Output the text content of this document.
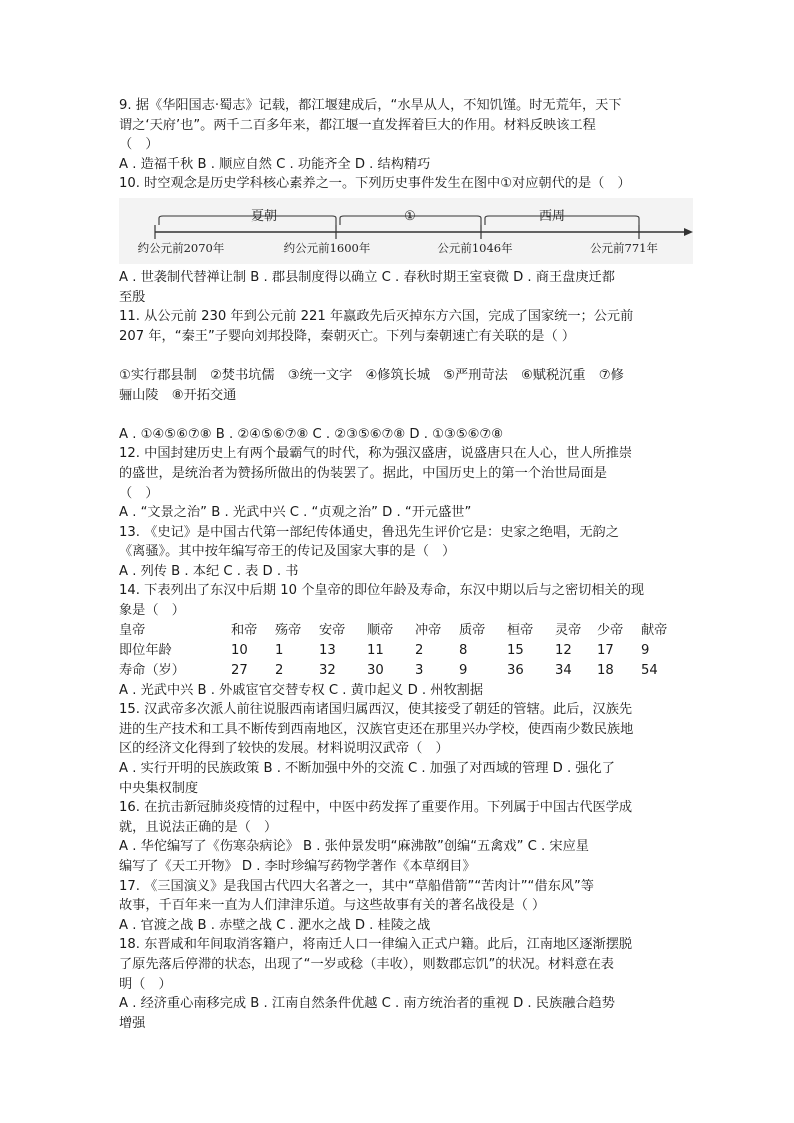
9. 据《华阳国志·蜀志》记载，都江堰建成后，“水旱从人，不知饥馑。时无荒年，天下
谓之‘天府’也”。两千二百多年来，都江堰一直发挥着巨大的作用。材料反映该工程
（　）
A . 造福千秋 B . 顺应自然 C . 功能齐全 D . 结构精巧
10. 时空观念是历史学科核心素养之一。下列历史事件发生在图中①对应朝代的是（　）
夏朝	①	西周
约公元前2070年	约公元前1600年	公元前1046年	公元前771年
A . 世袭制代替禅让制 B . 郡县制度得以确立 C . 春秋时期王室衰微 D . 商王盘庚迁都
至殷
11. 从公元前 230 年到公元前 221 年嬴政先后灭掉东方六国，完成了国家统一；公元前
207 年，“秦王”子婴向刘邦投降，秦朝灭亡。下列与秦朝速亡有关联的是（ ）
①实行郡县制　②焚书坑儒　③统一文字　④修筑长城　⑤严刑苛法　⑥赋税沉重　⑦修
骊山陵　⑧开拓交通
A . ①④⑤⑥⑦⑧ B . ②④⑤⑥⑦⑧ C . ②③⑤⑥⑦⑧ D . ①③⑤⑥⑦⑧
12. 中国封建历史上有两个最霸气的时代，称为强汉盛唐，说盛唐只在人心，世人所推崇
的盛世，是统治者为赞扬所做出的伪装罢了。据此，中国历史上的第一个治世局面是
（　）
A . “文景之治” B . 光武中兴 C . “贞观之治” D . “开元盛世”
13. 《史记》是中国古代第一部纪传体通史，鲁迅先生评价它是：史家之绝唱，无韵之
《离骚》。其中按年编写帝王的传记及国家大事的是（　）
A . 列传 B . 本纪 C . 表 D . 书
14. 下表列出了东汉中后期 10 个皇帝的即位年龄及寿命，东汉中期以后与之密切相关的现
象是（　）
皇帝	和帝	殇帝	安帝	顺帝	冲帝	质帝	桓帝	灵帝	少帝	献帝
即位年龄	10	1	13	11	2	8	15	12	17	9
寿命（岁）	27	2	32	30	3	9	36	34	18	54
A . 光武中兴 B . 外戚宦官交替专权 C . 黄巾起义 D . 州牧割据
15. 汉武帝多次派人前往说服西南诸国归属西汉，使其接受了朝廷的管辖。此后，汉族先
进的生产技术和工具不断传到西南地区，汉族官吏还在那里兴办学校，使西南少数民族地
区的经济文化得到了较快的发展。材料说明汉武帝（　）
A . 实行开明的民族政策 B . 不断加强中外的交流 C . 加强了对西域的管理 D . 强化了
中央集权制度
16. 在抗击新冠肺炎疫情的过程中，中医中药发挥了重要作用。下列属于中国古代医学成
就，且说法正确的是（　）
A . 华佗编写了《伤寒杂病论》 B . 张仲景发明“麻沸散”创编“五禽戏” C . 宋应星
编写了《天工开物》 D . 李时珍编写药物学著作《本草纲目》
17. 《三国演义》是我国古代四大名著之一，其中“草船借箭”“苦肉计”“借东风”等
故事，千百年来一直为人们津津乐道。与这些故事有关的著名战役是（ ）
A . 官渡之战 B . 赤壁之战 C . 淝水之战 D . 桂陵之战
18. 东晋咸和年间取消客籍户，将南迁人口一律编入正式户籍。此后，江南地区逐渐摆脱
了原先落后停滞的状态，出现了“一岁或稔（丰收），则数郡忘饥”的状况。材料意在表
明（　）
A . 经济重心南移完成 B . 江南自然条件优越 C . 南方统治者的重视 D . 民族融合趋势
增强
